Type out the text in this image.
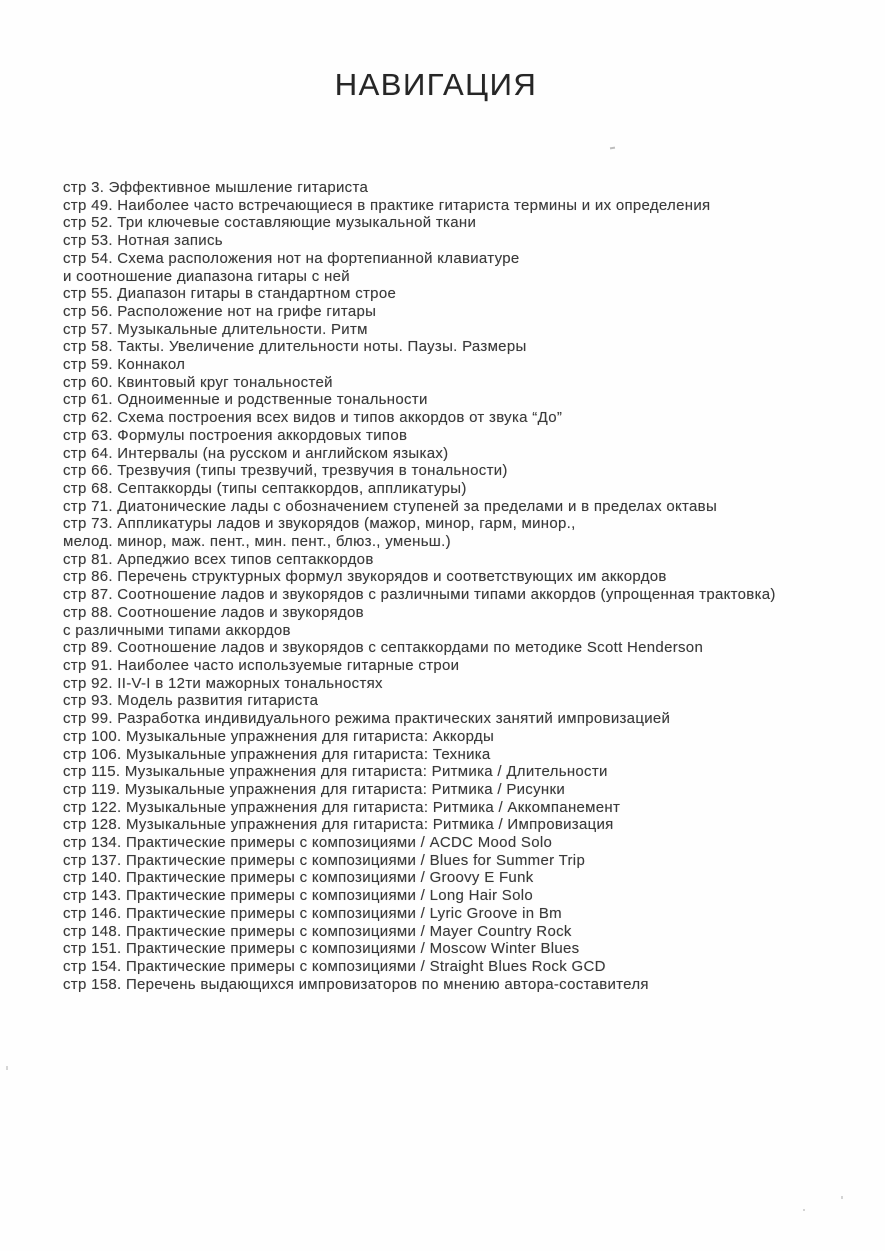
НАВИГАЦИЯ
стр 3. Эффективное мышление гитариста
стр 49. Наиболее часто встречающиеся в практике гитариста термины и их определения
стр 52. Три ключевые составляющие музыкальной ткани
стр 53. Нотная запись
стр 54. Схема расположения нот на фортепианной клавиатуре
и соотношение диапазона гитары с ней
стр 55. Диапазон гитары в стандартном строе
стр 56. Расположение нот на грифе гитары
стр 57. Музыкальные длительности. Ритм
стр 58. Такты. Увеличение длительности ноты. Паузы. Размеры
стр 59. Коннакол
стр 60. Квинтовый круг тональностей
стр 61. Одноименные и родственные тональности
стр 62. Схема построения всех видов и типов аккордов от звука “До”
стр 63. Формулы построения аккордовых типов
стр 64. Интервалы (на русском и английском языках)
стр 66. Трезвучия (типы трезвучий, трезвучия в тональности)
стр 68. Септаккорды (типы септаккордов, аппликатуры)
стр 71. Диатонические лады с обозначением ступеней за пределами и в пределах октавы
стр 73. Аппликатуры ладов и звукорядов (мажор, минор, гарм, минор.,
мелод. минор, маж. пент., мин. пент., блюз., уменьш.)
стр 81. Арпеджио всех типов септаккордов
стр 86. Перечень структурных формул звукорядов и соответствующих им аккордов
стр 87. Соотношение ладов и звукорядов с различными типами аккордов (упрощенная трактовка)
стр 88. Соотношение ладов и звукорядов
с различными типами аккордов
стр 89. Соотношение ладов и звукорядов с септаккордами по методике Scott Henderson
стр 91. Наиболее часто используемые гитарные строи
стр 92. II-V-I в 12ти мажорных тональностях
стр 93. Модель развития гитариста
стр 99. Разработка индивидуального режима практических занятий импровизацией
стр 100. Музыкальные упражнения для гитариста: Аккорды
стр 106. Музыкальные упражнения для гитариста: Техника
стр 115. Музыкальные упражнения для гитариста: Ритмика / Длительности
стр 119. Музыкальные упражнения для гитариста: Ритмика / Рисунки
стр 122. Музыкальные упражнения для гитариста: Ритмика / Аккомпанемент
стр 128. Музыкальные упражнения для гитариста: Ритмика / Импровизация
стр 134. Практические примеры с композициями / ACDC Mood Solo
стр 137. Практические примеры с композициями / Blues for Summer Trip
стр 140. Практические примеры с композициями / Groovy E Funk
стр 143. Практические примеры с композициями / Long Hair Solo
стр 146. Практические примеры с композициями / Lyric Groove in Bm
стр 148. Практические примеры с композициями / Mayer Country Rock
стр 151. Практические примеры с композициями / Moscow Winter Blues
стр 154. Практические примеры с композициями / Straight Blues Rock GCD
стр 158. Перечень выдающихся импровизаторов по мнению автора-составителя
